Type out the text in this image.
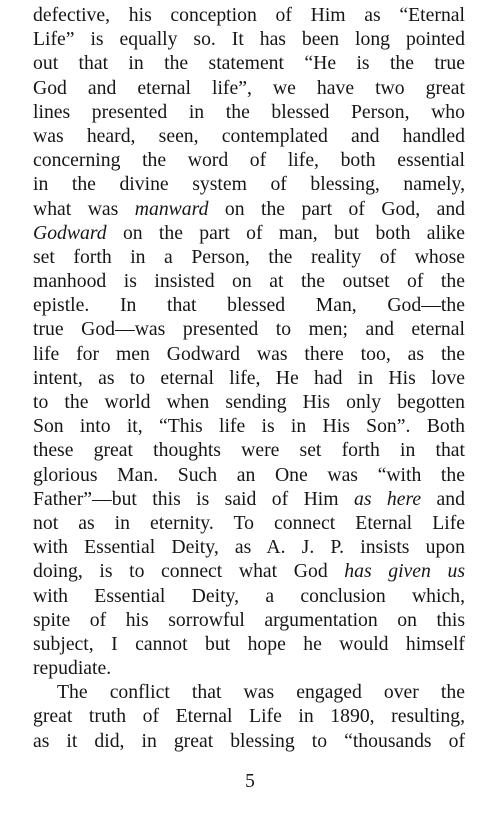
defective, his conception of Him as “Eternal
Life” is equally so. It has been long pointed
out that in the statement “He is the true
God and eternal life”, we have two great
lines presented in the blessed Person, who
was heard, seen, contemplated and handled
concerning the word of life, both essential
in the divine system of blessing, namely,
what was manward on the part of God, and
Godward on the part of man, but both alike
set forth in a Person, the reality of whose
manhood is insisted on at the outset of the
epistle. In that blessed Man, God—the
true God—was presented to men; and eternal
life for men Godward was there too, as the
intent, as to eternal life, He had in His love
to the world when sending His only begotten
Son into it, “This life is in His Son”. Both
these great thoughts were set forth in that
glorious Man. Such an One was “with the
Father”—but this is said of Him as here and
not as in eternity. To connect Eternal Life
with Essential Deity, as A. J. P. insists upon
doing, is to connect what God has given us
with Essential Deity, a conclusion which,
spite of his sorrowful argumentation on this
subject, I cannot but hope he would himself
repudiate.
The conflict that was engaged over the
great truth of Eternal Life in 1890, resulting,
as it did, in great blessing to “thousands of
5
